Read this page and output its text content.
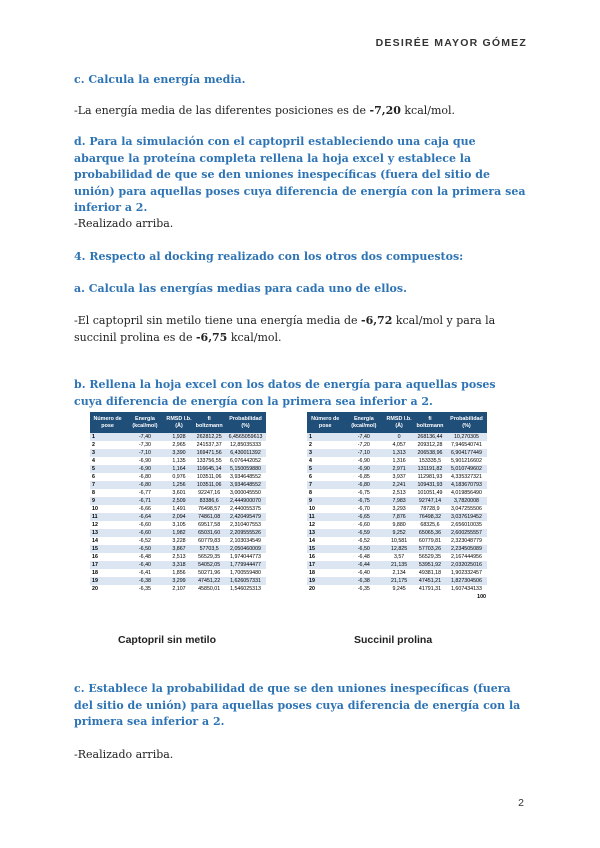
DESIRÉE MAYOR GÓMEZ
c. Calcula la energía media.
-La energía media de las diferentes posiciones es de -7,20 kcal/mol.
d. Para la simulación con el captopril estableciendo una caja que abarque la proteína completa rellena la hoja excel y establece la probabilidad de que se den uniones inespecíficas (fuera del sitio de unión) para aquellas poses cuya diferencia de energía con la primera sea inferior a 2.
-Realizado arriba.
4. Respecto al docking realizado con los otros dos compuestos:
a. Calcula las energías medias para cada uno de ellos.
-El captopril sin metilo tiene una energía media de -6,72 kcal/mol y para la succinil prolina es de -6,75 kcal/mol.
b. Rellena la hoja excel con los datos de energía para aquellas poses cuya diferencia de energía con la primera sea inferior a 2.
c. Establece la probabilidad de que se den uniones inespecíficas (fuera del sitio de unión) para aquellas poses cuya diferencia de energía con la primera sea inferior a 2.
-Realizado arriba.
Número de pose	Energía (kcal/mol)	RMSD l.b. (Å)	fi boltzmann	Probabilidad (%)
1	-7,40	1,928	262812,25	6,4565059613
2	-7,30	2,965	241537,37	12,85035333
3	-7,10	3,390	169471,56	6,430011392
4	-6,90	1,135	133756,55	6,076442052
5	-6,90	1,164	116645,14	5,150059880
6	-6,80	0,976	103511,06	3,934648552
7	-6,80	1,256	103511,06	3,934648552
8	-6,77	3,601	92247,16	3,000045550
9	-6,71	2,509	83386,6	2,444900070
10	-6,66	1,491	76498,57	2,440055375
11	-6,64	2,094	74861,08	2,420495479
12	-6,60	3,105	69517,58	2,310407553
13	-6,60	1,982	65031,60	2,209555526
14	-6,52	3,228	60779,83	2,103034549
15	-6,50	3,867	57703,5	2,050460009
16	-6,48	2,513	56529,35	1,974044773
17	-6,40	3,318	54052,05	1,779944477
18	-6,41	1,856	50271,96	1,700559480
19	-6,38	3,299	47451,22	1,626057331
20	-6,35	2,107	45850,01	1,546025313
Número de pose	Energía (kcal/mol)	RMSD l.b. (Å)	fi boltzmann	Probabilidad (%)
1	-7,40	0	268136,44	10,270305
2	-7,20	4,057	209312,28	7,946540741
3	-7,10	1,313	206538,96	6,904177449
4	-6,90	1,316	153335,5	5,901216602
5	-6,90	2,971	131191,82	5,010749602
6	-6,85	3,937	112981,93	4,335327321
7	-6,80	2,241	109431,93	4,183670793
8	-6,75	2,513	101051,49	4,019856490
9	-6,75	7,983	92747,14	3,7820008
10	-6,70	3,293	78728,9	3,047255506
11	-6,65	7,876	76498,32	3,037619452
12	-6,60	9,880	68325,6	2,656010035
13	-6,59	9,252	65065,36	2,600255557
14	-6,52	10,581	60779,81	2,323048779
15	-6,50	12,825	57703,26	2,234505089
16	-6,48	3,57	56529,35	2,167444956
17	-6,44	21,135	53951,92	2,032025016
18	-6,40	2,134	49381,18	1,902332457
19	-6,38	21,175	47451,21	1,827304506
20	-6,35	9,245	41791,31	1,607434133
				100
Captopril sin metilo	Succinil prolina
2
